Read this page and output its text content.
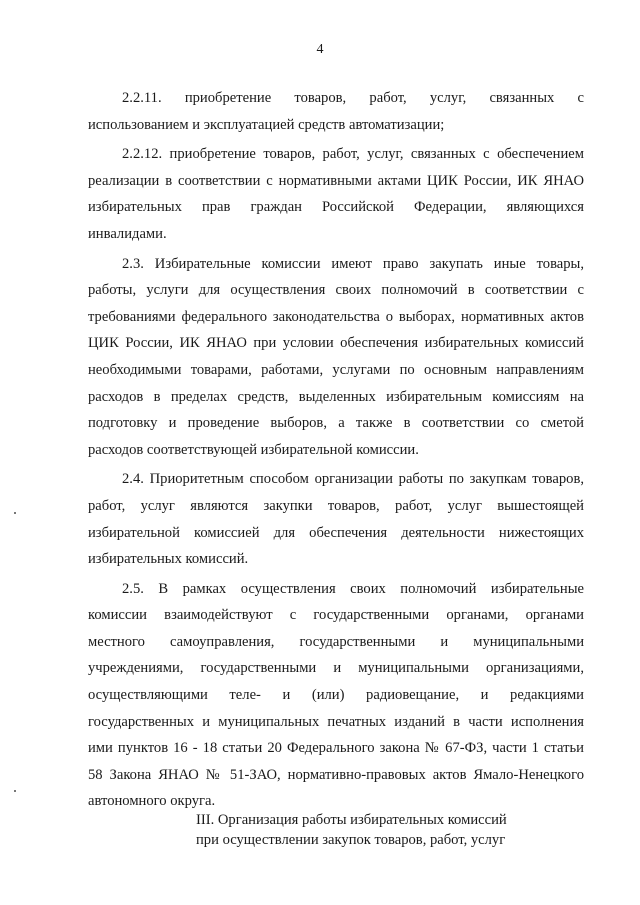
4
2.2.11. приобретение товаров, работ, услуг, связанных с
использованием и эксплуатацией средств автоматизации;
2.2.12. приобретение товаров, работ, услуг, связанных с обеспечением
реализации в соответствии с нормативными актами ЦИК России, ИК ЯНАО
избирательных прав граждан Российской Федерации, являющихся
инвалидами.
2.3. Избирательные комиссии имеют право закупать иные товары,
работы, услуги для осуществления своих полномочий в соответствии с
требованиями федерального законодательства о выборах, нормативных актов
ЦИК России, ИК ЯНАО при условии обеспечения избирательных комиссий
необходимыми товарами, работами, услугами по основным направлениям
расходов в пределах средств, выделенных избирательным комиссиям на
подготовку и проведение выборов, а также в соответствии со сметой
расходов соответствующей избирательной комиссии.
2.4. Приоритетным способом организации работы по закупкам товаров,
работ, услуг являются закупки товаров, работ, услуг вышестоящей
избирательной комиссией для обеспечения деятельности нижестоящих
избирательных комиссий.
2.5. В рамках осуществления своих полномочий избирательные
комиссии взаимодействуют с государственными органами, органами
местного самоуправления, государственными и муниципальными
учреждениями, государственными и муниципальными организациями,
осуществляющими теле- и (или) радиовещание, и редакциями
государственных и муниципальных печатных изданий в части исполнения
ими пунктов 16 - 18 статьи 20 Федерального закона № 67-ФЗ, части 1 статьи
58 Закона ЯНАО № 51-ЗАО, нормативно-правовых актов Ямало-Ненецкого
автономного округа.
III. Организация работы избирательных комиссий
при осуществлении закупок товаров, работ, услуг
